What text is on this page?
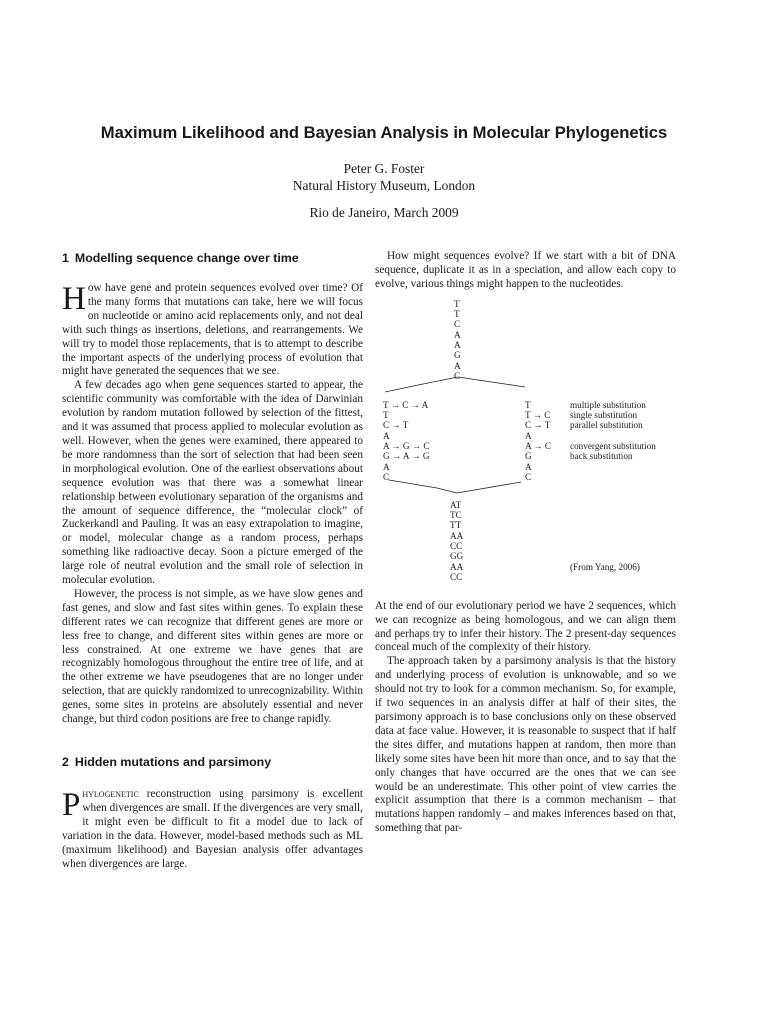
Maximum Likelihood and Bayesian Analysis in Molecular Phylogenetics
Peter G. Foster
Natural History Museum, London
Rio de Janeiro, March 2009
1 Modelling sequence change over time

How have gene and protein sequences evolved over time? Of the many forms that mutations can take, here we will focus on nucleotide or amino acid replacements only, and not deal with such things as insertions, deletions, and rearrangements. We will try to model those replacements, that is to attempt to describe the important aspects of the underlying process of evolution that might have generated the sequences that we see.

A few decades ago when gene sequences started to appear, the scientific community was comfortable with the idea of Darwinian evolution by random mutation followed by selection of the fittest, and it was assumed that process applied to molecular evolution as well. However, when the genes were examined, there appeared to be more randomness than the sort of selection that had been seen in morphological evolution. One of the earliest observations about sequence evolution was that there was a somewhat linear relationship between evolutionary separation of the organisms and the amount of sequence difference, the “molecular clock” of Zuckerkandl and Pauling. It was an easy extrapolation to imagine, or model, molecular change as a random process, perhaps something like radioactive decay. Soon a picture emerged of the large role of neutral evolution and the small role of selection in molecular evolution.

However, the process is not simple, as we have slow genes and fast genes, and slow and fast sites within genes. To explain these different rates we can recognize that different genes are more or less free to change, and different sites within genes are more or less constrained. At one extreme we have genes that are recognizably homologous throughout the entire tree of life, and at the other extreme we have pseudogenes that are no longer under selection, that are quickly randomized to unrecognizability. Within genes, some sites in proteins are absolutely essential and never change, but third codon positions are free to change rapidly.

2 Hidden mutations and parsimony

Phylogenetic reconstruction using parsimony is excellent when divergences are small. If the divergences are very small, it might even be difficult to fit a model due to lack of variation in the data. However, model-based methods such as ML (maximum likelihood) and Bayesian analysis offer advantages when divergences are large.

How might sequences evolve? If we start with a bit of DNA sequence, duplicate it as in a speciation, and allow each copy to evolve, various things might happen to the nucleotides.

T
T
C
A
A
G
A
C
T → C → A
T
C → T
A
A → G → C
G → A → G
A
C
T
T → C
C → T
A
A → C
G
A
C
multiple substitution
single substitution
parallel substitution
convergent substitution
back substitution
AT
TC
TT
AA
CC
GG
AA
CC
(From Yang, 2006)

At the end of our evolutionary period we have 2 sequences, which we can recognize as being homologous, and we can align them and perhaps try to infer their history. The 2 present-day sequences conceal much of the complexity of their history.

The approach taken by a parsimony analysis is that the history and underlying process of evolution is unknowable, and so we should not try to look for a common mechanism. So, for example, if two sequences in an analysis differ at half of their sites, the parsimony approach is to base conclusions only on these observed data at face value. However, it is reasonable to suspect that if half the sites differ, and mutations happen at random, then more than likely some sites have been hit more than once, and to say that the only changes that have occurred are the ones that we can see would be an underestimate. This other point of view carries the explicit assumption that there is a common mechanism – that mutations happen randomly – and makes inferences based on that, something that par-
